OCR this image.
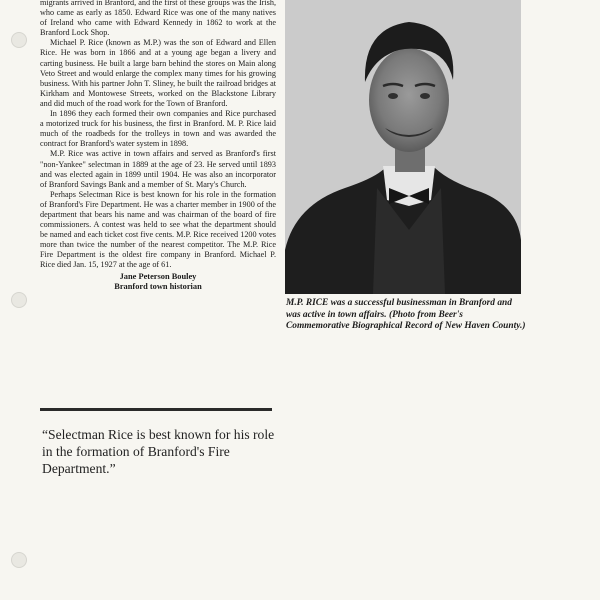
migrants arrived in Branford, and the first of these groups was the Irish, who came as early as 1850. Edward Rice was one of the many natives of Ireland who came with Edward Kennedy in 1862 to work at the Branford Lock Shop.

Michael P. Rice (known as M.P.) was the son of Edward and Ellen Rice. He was born in 1866 and at a young age began a livery and carting business. He built a large barn behind the stores on Main along Veto Street and would enlarge the complex many times for his growing business. With his partner John T. Sliney, he built the railroad bridges at Kirkham and Montowese Streets, worked on the Blackstone Library and did much of the road work for the Town of Branford.

In 1896 they each formed their own companies and Rice purchased a motorized truck for his business, the first in Branford. M. P. Rice laid much of the roadbeds for the trolleys in town and was awarded the contract for Branford's water system in 1898.

M.P. Rice was active in town affairs and served as Branford's first "non-Yankee" selectman in 1889 at the age of 23. He served until 1893 and was elected again in 1899 until 1904. He was also an incorporator of Branford Savings Bank and a member of St. Mary's Church.

Perhaps Selectman Rice is best known for his role in the formation of Branford's Fire Department. He was a charter member in 1900 of the department that bears his name and was chairman of the board of fire commissioners. A contest was held to see what the department should be named and each ticket cost five cents. M.P. Rice received 1200 votes more than twice the number of the nearest competitor. The M.P. Rice Fire Department is the oldest fire company in Branford. Michael P. Rice died Jan. 15, 1927 at the age of 61.

Jane Peterson Bouley
Branford town historian
“Selectman Rice is best known for his role in the formation of Branford's Fire Department.”
M.P. RICE was a successful businessman in Branford and was active in town affairs. (Photo from Beer's Commemorative Biographical Record of New Haven County.)
